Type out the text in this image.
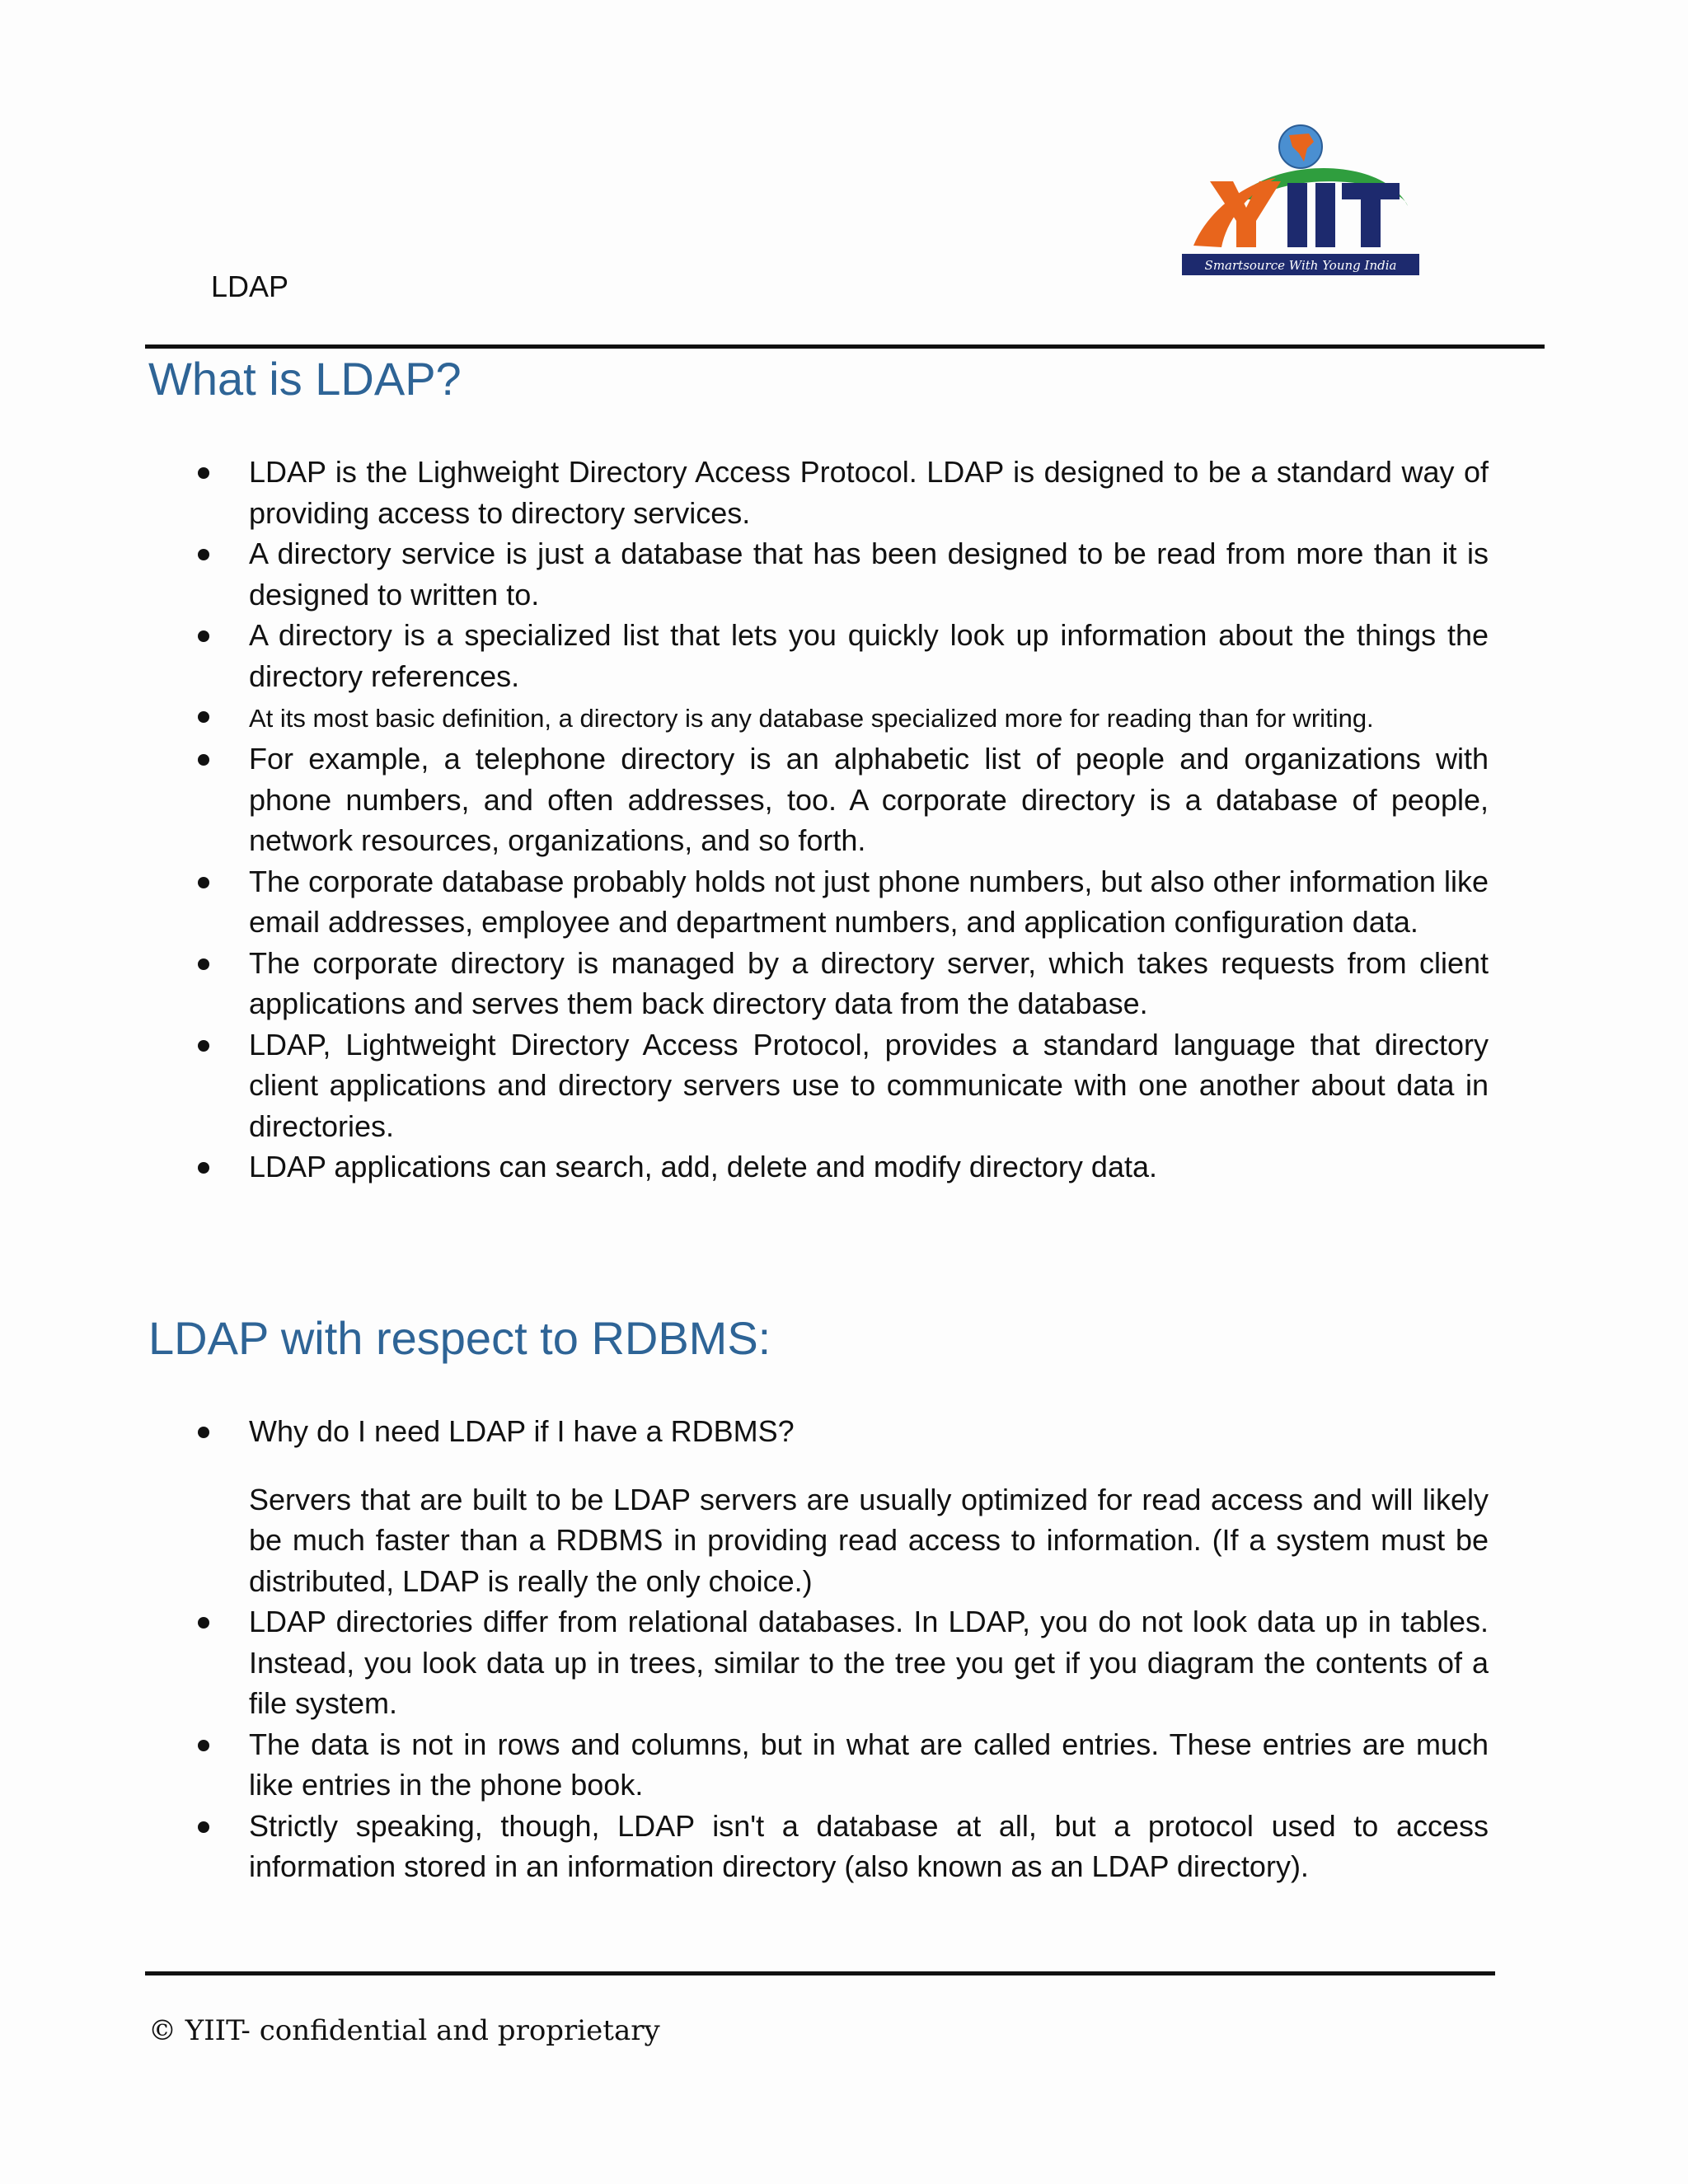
LDAP
Smartsource With Young India
What is LDAP?
LDAP is the Lighweight Directory Access Protocol. LDAP is designed to be a standard way of providing access to directory services.
A directory service is just a database that has been designed to be read from more than it is designed to written to.
A directory is a specialized list that lets you quickly look up information about the things the directory references.
At its most basic definition, a directory is any database specialized more for reading than for writing.
For example, a telephone directory is an alphabetic list of people and organizations with phone numbers, and often addresses, too. A corporate directory is a database of people, network resources, organizations, and so forth.
The corporate database probably holds not just phone numbers, but also other information like email addresses, employee and department numbers, and application configuration data.
The corporate directory is managed by a directory server, which takes requests from client applications and serves them back directory data from the database.
LDAP, Lightweight Directory Access Protocol, provides a standard language that directory client applications and directory servers use to communicate with one another about data in directories.
LDAP applications can search, add, delete and modify directory data.
LDAP with respect to RDBMS:
Why do I need LDAP if I have a RDBMS?
Servers that are built to be LDAP servers are usually optimized for read access and will likely be much faster than a RDBMS in providing read access to information. (If a system must be distributed, LDAP is really the only choice.)
LDAP directories differ from relational databases. In LDAP, you do not look data up in tables. Instead, you look data up in trees, similar to the tree you get if you diagram the contents of a file system.
The data is not in rows and columns, but in what are called entries. These entries are much like entries in the phone book.
Strictly speaking, though, LDAP isn't a database at all, but a protocol used to access information stored in an information directory (also known as an LDAP directory).
© YIIT- confidential and proprietary
